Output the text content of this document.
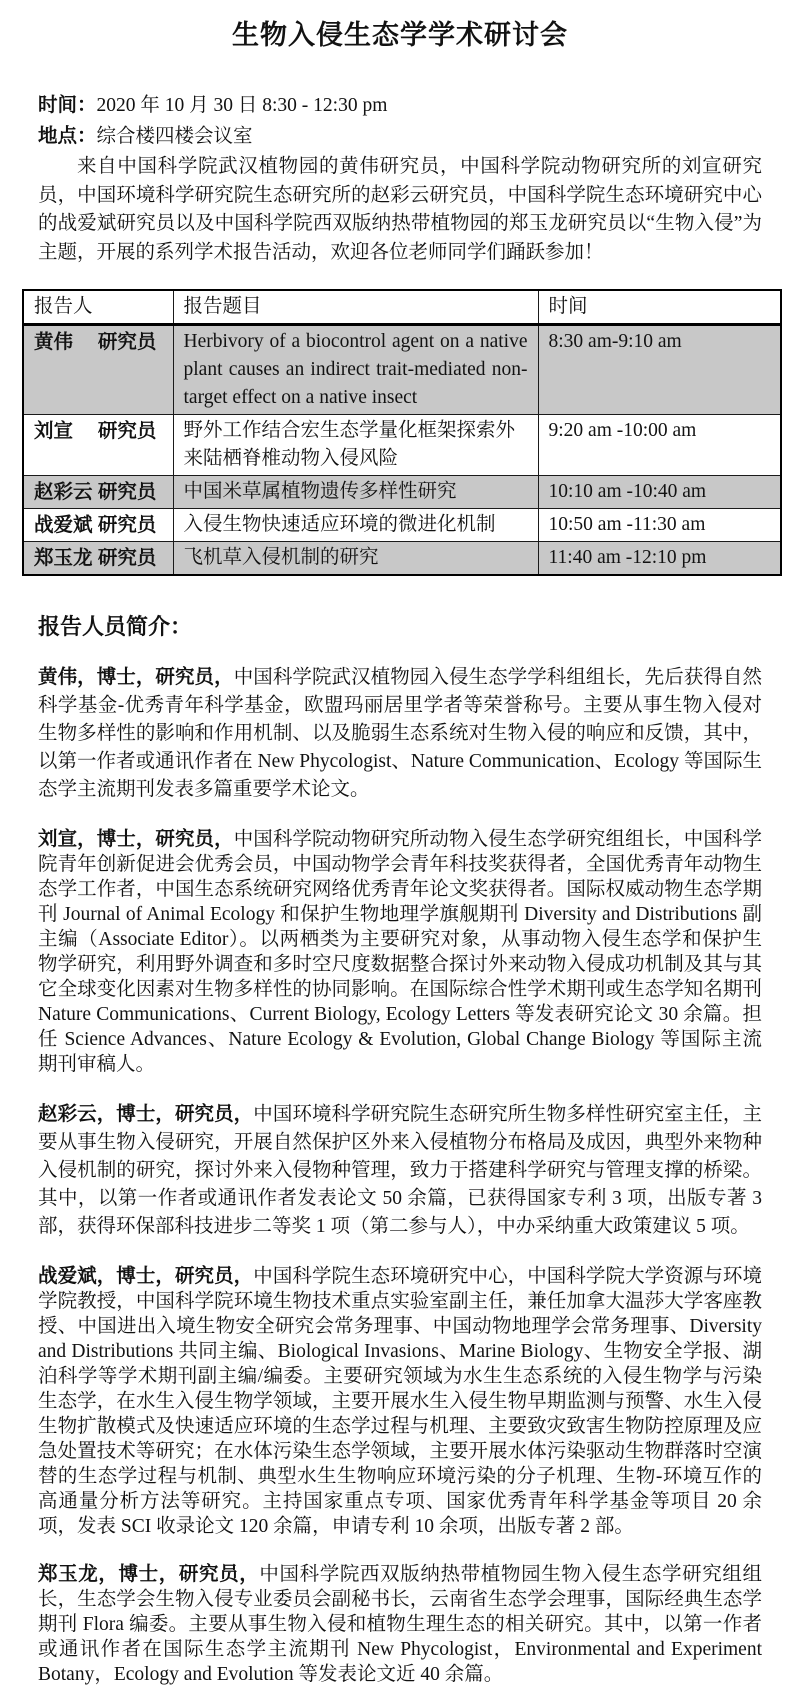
生物入侵生态学学术研讨会
时间：2020 年 10 月 30 日 8:30 - 12:30 pm
地点：综合楼四楼会议室

来自中国科学院武汉植物园的黄伟研究员，中国科学院动物研究所的刘宣研究员，中国环境科学研究院生态研究所的赵彩云研究员，中国科学院生态环境研究中心的战爱斌研究员以及中国科学院西双版纳热带植物园的郑玉龙研究员以“生物入侵”为主题，开展的系列学术报告活动，欢迎各位老师同学们踊跃参加！

报告人	报告题目	时间
黄伟　 研究员	Herbivory of a biocontrol agent on a native plant causes an indirect trait-mediated non-target effect on a native insect	8:30 am-9:10 am
刘宣　 研究员	野外工作结合宏生态学量化框架探索外来陆栖脊椎动物入侵风险	9:20 am -10:00 am
赵彩云 研究员	中国米草属植物遗传多样性研究	10:10 am -10:40 am
战爱斌 研究员	入侵生物快速适应环境的微进化机制	10:50 am -11:30 am
郑玉龙 研究员	飞机草入侵机制的研究	11:40 am -12:10 pm
报告人员简介：

黄伟，博士，研究员，中国科学院武汉植物园入侵生态学学科组组长，先后获得自然科学基金-优秀青年科学基金，欧盟玛丽居里学者等荣誉称号。主要从事生物入侵对生物多样性的影响和作用机制、以及脆弱生态系统对生物入侵的响应和反馈，其中，以第一作者或通讯作者在 New Phycologist、Nature Communication、Ecology 等国际生态学主流期刊发表多篇重要学术论文。

刘宣，博士，研究员，中国科学院动物研究所动物入侵生态学研究组组长，中国科学院青年创新促进会优秀会员，中国动物学会青年科技奖获得者，全国优秀青年动物生态学工作者，中国生态系统研究网络优秀青年论文奖获得者。国际权威动物生态学期刊 Journal of Animal Ecology 和保护生物地理学旗舰期刊 Diversity and Distributions 副主编（Associate Editor）。以两栖类为主要研究对象，从事动物入侵生态学和保护生物学研究，利用野外调查和多时空尺度数据整合探讨外来动物入侵成功机制及其与其它全球变化因素对生物多样性的协同影响。在国际综合性学术期刊或生态学知名期刊 Nature Communications、Current Biology, Ecology Letters 等发表研究论文 30 余篇。担任 Science Advances、Nature Ecology & Evolution, Global Change Biology 等国际主流期刊审稿人。

赵彩云，博士，研究员，中国环境科学研究院生态研究所生物多样性研究室主任，主要从事生物入侵研究，开展自然保护区外来入侵植物分布格局及成因，典型外来物种入侵机制的研究，探讨外来入侵物种管理，致力于搭建科学研究与管理支撑的桥梁。其中，以第一作者或通讯作者发表论文 50 余篇，已获得国家专利 3 项，出版专著 3 部，获得环保部科技进步二等奖 1 项（第二参与人），中办采纳重大政策建议 5 项。

战爱斌，博士，研究员，中国科学院生态环境研究中心，中国科学院大学资源与环境学院教授，中国科学院环境生物技术重点实验室副主任，兼任加拿大温莎大学客座教授、中国进出入境生物安全研究会常务理事、中国动物地理学会常务理事、Diversity and Distributions 共同主编、Biological Invasions、Marine Biology、生物安全学报、湖泊科学等学术期刊副主编/编委。主要研究领域为水生生态系统的入侵生物学与污染生态学，在水生入侵生物学领域，主要开展水生入侵生物早期监测与预警、水生入侵生物扩散模式及快速适应环境的生态学过程与机理、主要致灾致害生物防控原理及应急处置技术等研究；在水体污染生态学领域，主要开展水体污染驱动生物群落时空演替的生态学过程与机制、典型水生生物响应环境污染的分子机理、生物-环境互作的高通量分析方法等研究。主持国家重点专项、国家优秀青年科学基金等项目 20 余项，发表 SCI 收录论文 120 余篇，申请专利 10 余项，出版专著 2 部。

郑玉龙，博士，研究员，中国科学院西双版纳热带植物园生物入侵生态学研究组组长，生态学会生物入侵专业委员会副秘书长，云南省生态学会理事，国际经典生态学期刊 Flora 编委。主要从事生物入侵和植物生理生态的相关研究。其中，以第一作者或通讯作者在国际生态学主流期刊 New Phycologist，Environmental and Experiment Botany，Ecology and Evolution 等发表论文近 40 余篇。
